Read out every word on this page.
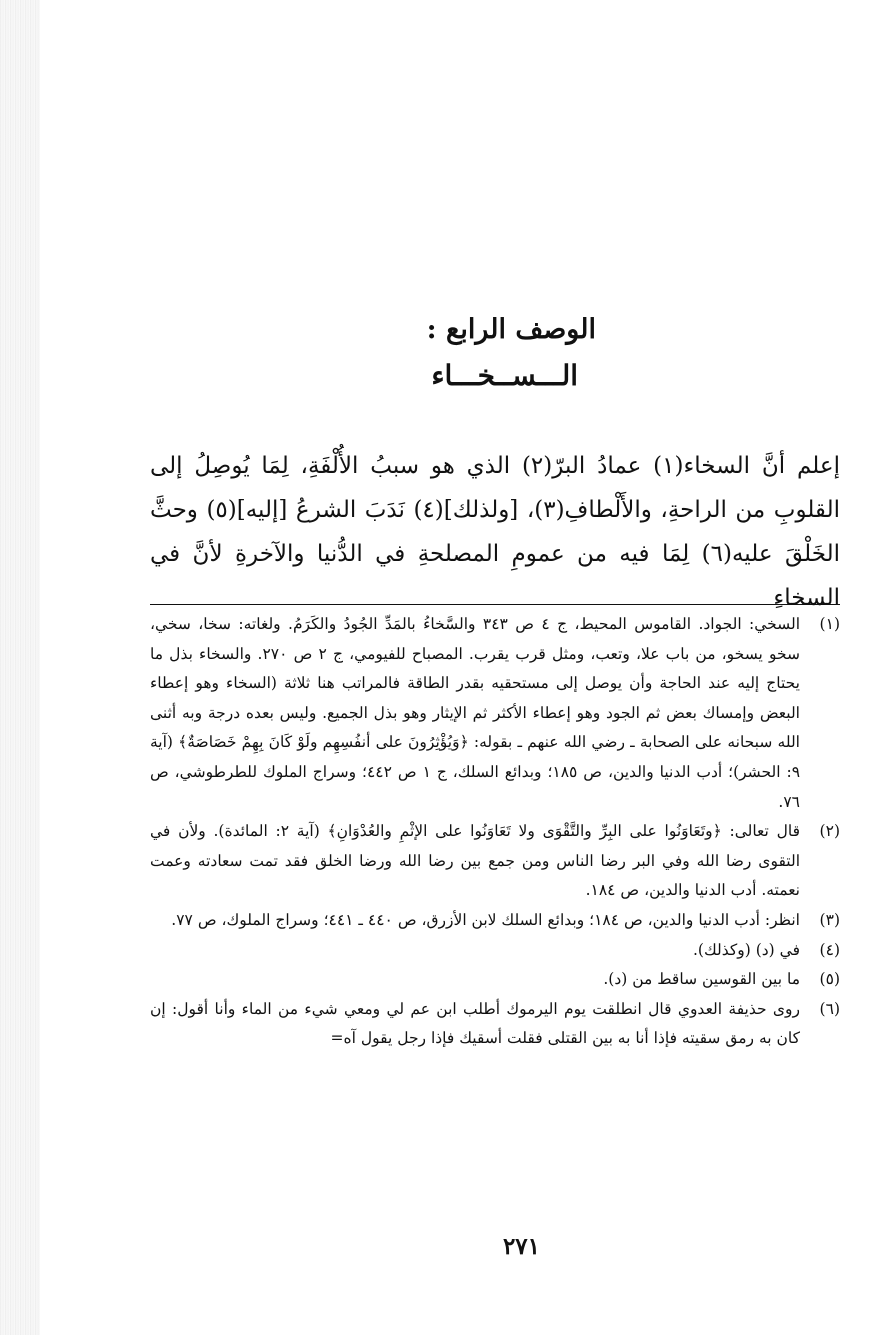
الوصف الرابع :
الـــســخـــاء
إعلم أنَّ السخاء(١) عمادُ البرّ(٢) الذي هو سببُ الأُلْفَةِ، لِمَا يُوصِلُ إلى القلوبِ من الراحةِ، والأَلْطافِ(٣)، [ولذلك](٤) نَدَبَ الشرعُ [إليه](٥) وحثَّ الخَلْقَ عليه(٦) لِمَا فيه من عمومِ المصلحةِ في الدُّنيا والآخرةِ لأنَّ في السخاءِ
(١)
السخي: الجواد. القاموس المحيط، ج ٤ ص ٣٤٣ والسَّخاءُ بالمَدِّ الجُودُ والكَرَمُ. ولغاته: سخا، سخي، سخو يسخو، من باب علا، وتعب، ومثل قرب يقرب. المصباح للفيومي، ج ٢ ص ٢٧٠. والسخاء بذل ما يحتاج إليه عند الحاجة وأن يوصل إلى مستحقيه بقدر الطاقة فالمراتب هنا ثلاثة (السخاء وهو إعطاء البعض وإمساك بعض ثم الجود وهو إعطاء الأكثر ثم الإيثار وهو بذل الجميع. وليس بعده درجة وبه أثنى الله سبحانه على الصحابة ـ رضي الله عنهم ـ بقوله: ﴿وَيُؤْثِرُونَ على أنفُسِهِم ولَوْ كَانَ بِهِمْ خَصَاصَةٌ﴾ (آية ٩: الحشر)؛ أدب الدنيا والدين، ص ١٨٥؛ وبدائع السلك، ج ١ ص ٤٤٢؛ وسراج الملوك للطرطوشي، ص ٧٦.
(٢)
قال تعالى: ﴿وتَعَاوَنُوا على البِرِّ والتَّقْوَى ولا تَعَاوَنُوا على الإثْمِ والعُدْوَانِ﴾ (آية ٢: المائدة). ولأن في التقوى رضا الله وفي البر رضا الناس ومن جمع بين رضا الله ورضا الخلق فقد تمت سعادته وعمت نعمته. أدب الدنيا والدين، ص ١٨٤.
(٣)
انظر: أدب الدنيا والدين، ص ١٨٤؛ وبدائع السلك لابن الأزرق، ص ٤٤٠ ـ ٤٤١؛ وسراج الملوك، ص ٧٧.
(٤)
في (د) (وكذلك).
(٥)
ما بين القوسين ساقط من (د).
(٦)
روى حذيفة العدوي قال انطلقت يوم اليرموك أطلب ابن عم لي ومعي شيء من الماء وأنا أقول: إن كان به رمق سقيته فإذا أنا به بين القتلى فقلت أسقيك فإذا رجل يقول آه=
٢٧١
